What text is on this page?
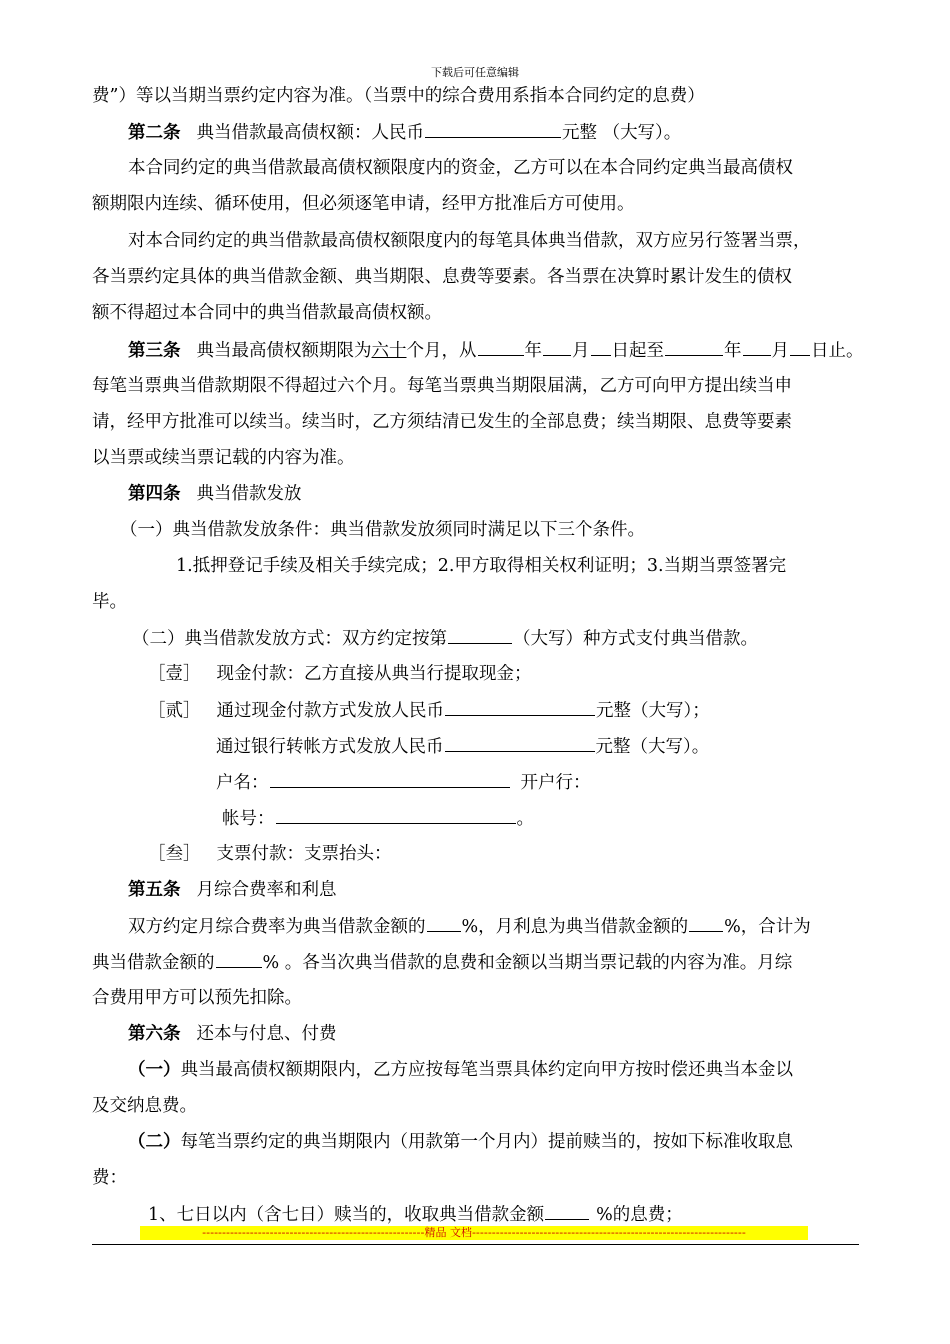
下载后可任意编辑
费”）等以当期当票约定内容为准。（当票中的综合费用系指本合同约定的息费）
第二条 典当借款最高债权额：人民币	元整 （大写）。
本合同约定的典当借款最高债权额限度内的资金，乙方可以在本合同约定典当最高债权
额期限内连续、循环使用，但必须逐笔申请，经甲方批准后方可使用。
对本合同约定的典当借款最高债权额限度内的每笔具体典当借款，双方应另行签署当票，
各当票约定具体的典当借款金额、典当期限、息费等要素。各当票在决算时累计发生的债权
额不得超过本合同中的典当借款最高债权额。
第三条 典当最高债权额期限为六十个月，从	年 月 日起至	年 月 日止。
每笔当票典当借款期限不得超过六个月。每笔当票典当期限届满，乙方可向甲方提出续当申
请，经甲方批准可以续当。续当时，乙方须结清已发生的全部息费；续当期限、息费等要素
以当票或续当票记载的内容为准。
第四条 典当借款发放
（一）典当借款发放条件：典当借款发放须同时满足以下三个条件。
1.抵押登记手续及相关手续完成；2.甲方取得相关权利证明；3.当期当票签署完
毕。
（二）典当借款发放方式：双方约定按第	（大写）种方式支付典当借款。
［壹］ 现金付款：乙方直接从典当行提取现金；
［贰］ 通过现金付款方式发放人民币	元整（大写）；
通过银行转帐方式发放人民币	元整（大写）。
户名：	开户行：
帐号：	。
［叁］ 支票付款：支票抬头：
第五条 月综合费率和利息
双方约定月综合费率为典当借款金额的 %，月利息为典当借款金额的 %，合计为
典当借款金额的	% 。各当次典当借款的息费和金额以当期当票记载的内容为准。月综
合费用甲方可以预先扣除。
第六条 还本与付息、付费
（一）典当最高债权额期限内，乙方应按每笔当票具体约定向甲方按时偿还典当本金以
及交纳息费。
（二）每笔当票约定的典当期限内（用款第一个月内）提前赎当的，按如下标准收取息
费：
1、七日以内（含七日）赎当的，收取典当借款金额	%的息费；
--------------------------------------------------------精品 文档---------------------------------------------------------------------
